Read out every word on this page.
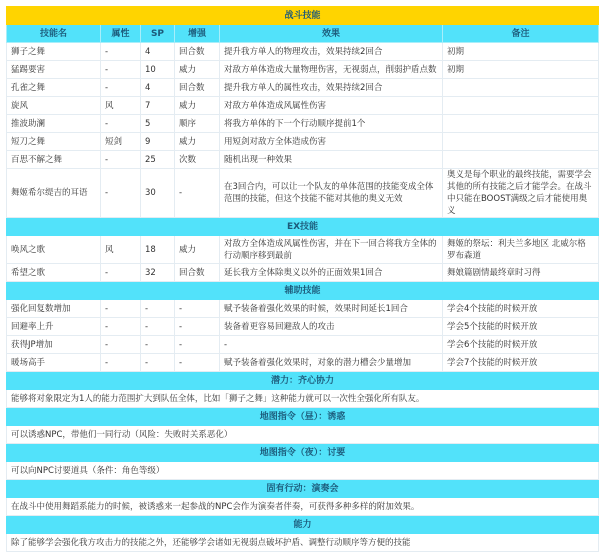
战斗技能					
技能名	属性	SP	增强	效果	备注
狮子之舞	-	4	回合数	提升我方单人的物理攻击，效果持续2回合	初期
猛踢要害	-	10	威力	对敌方单体造成大量物理伤害，无视弱点，削弱护盾点数	初期
孔雀之舞	-	4	回合数	提升我方单人的属性攻击，效果持续2回合	
旋风	风	7	威力	对敌方单体造成风属性伤害	
推波助澜	-	5	顺序	将我方单体的下一个行动顺序提前1个	
短刀之舞	短剑	9	威力	用短剑对敌方全体造成伤害	
百思不解之舞	-	25	次数	随机出现一种效果	
舞姬希尔缇吉的耳语	-	30	-	在3回合内，可以让一个队友的单体范围的技能变成全体范围的技能，但这个技能不能对其他的奥义无效	奥义是每个职业的最终技能，需要学会其他的所有技能之后才能学会。在战斗中只能在BOOST满级之后才能使用奥义
EX技能					
唤风之歌	风	18	威力	对敌方全体造成风属性伤害，并在下一回合将我方全体的行动顺序移到最前	舞姬的祭坛：利夫兰多地区 北威尔格罗布森道
希望之歌	-	32	回合数	延长我方全体除奥义以外的正面效果1回合	舞娘篇剧情最终章时习得
辅助技能					
强化回复数增加	-	-	-	赋予装备着强化效果的时候，效果时间延长1回合	学会4个技能的时候开放
回避率上升	-	-	-	装备着更容易回避敌人的攻击	学会5个技能的时候开放
获得JP增加	-	-	-	-	学会6个技能的时候开放
暖场高手	-	-	-	赋予装备着强化效果时，对象的潜力槽会少量增加	学会7个技能的时候开放
潜力：齐心协力					
能够将对象限定为1人的能力范围扩大到队伍全体，比如「狮子之舞」这种能力就可以一次性全强化所有队友。					
地图指令（昼）：诱惑					
可以诱惑NPC，带他们一同行动（风险：失败时关系恶化）					
地图指令（夜）：讨要					
可以向NPC讨要道具（条件：角色等级）					
固有行动：演奏会					
在战斗中使用舞蹈系能力的时候，被诱惑来一起参战的NPC会作为演奏者伴奏，可获得多种多样的附加效果。					
能力					
除了能够学会强化我方攻击力的技能之外，还能够学会诸如无视弱点破坏护盾、调整行动顺序等方便的技能					
